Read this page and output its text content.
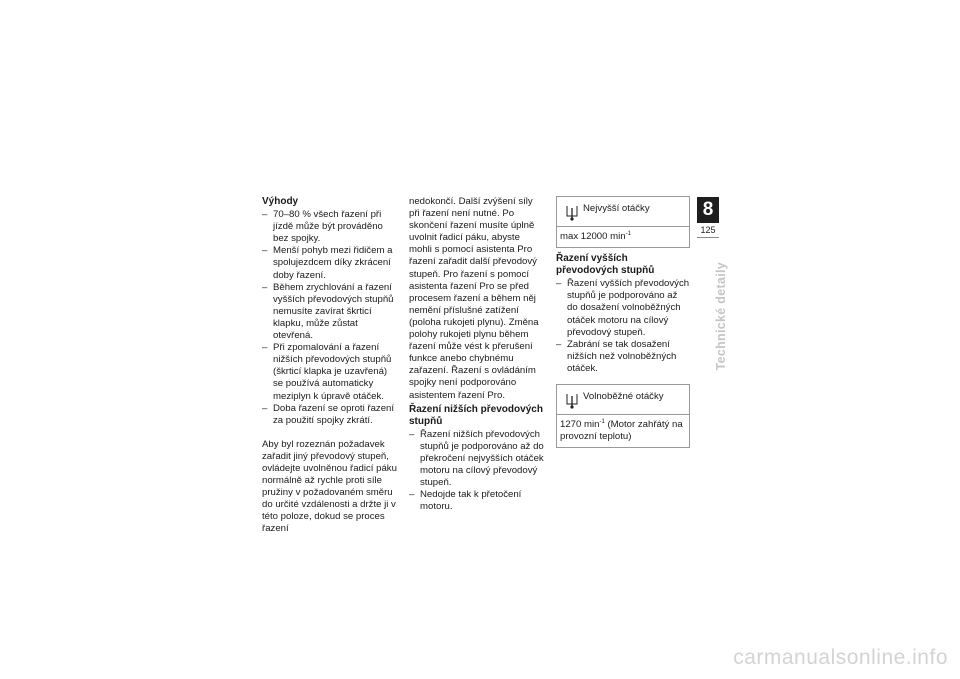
Výhody
– 70–80 % všech řazení při jízdě může být prováděno bez spojky.
– Menší pohyb mezi řidičem a spolujezdcem díky zkrácení doby řazení.
– Během zrychlování a řazení vyšších převodových stupňů nemusíte zavírat škrticí klapku, může zůstat otevřená.
– Při zpomalování a řazení nižších převodových stupňů (škrticí klapka je uzavřená) se používá automaticky meziplyn k úpravě otáček.
– Doba řazení se oproti řazení za použití spojky zkrátí.

Aby byl rozeznán požadavek zařadit jiný převodový stupeň, ovládejte uvolněnou řadicí páku normálně až rychle proti síle pružiny v požadovaném směru do určité vzdálenosti a držte ji v této poloze, dokud se proces řazení

nedokončí. Další zvýšení síly při řazení není nutné. Po skončení řazení musíte úplně uvolnit řadicí páku, abyste mohli s pomocí asistenta Pro řazení zařadit další převodový stupeň. Pro řazení s pomocí asistenta řazení Pro se před procesem řazení a během něj nemění příslušné zatížení (poloha rukojeti plynu). Změna polohy rukojeti plynu během řazení může vést k přerušení funkce anebo chybnému zařazení. Řazení s ovládáním spojky není podporováno asistentem řazení Pro.

Řazení nižších převodových stupňů
– Řazení nižších převodových stupňů je podporováno až do překročení nejvyšších otáček motoru na cílový převodový stupeň.
– Nedojde tak k přetočení motoru.
Nejvyšší otáčky
max 12000 $\min^{-1}$
Řazení vyšších převodových stupňů
– Řazení vyšších převodových stupňů je podporováno až do dosažení volnoběžných otáček motoru na cílový převodový stupeň.
– Zabrání se tak dosažení nižších než volnoběžných otáček.
Volnoběžné otáčky
1270 $\min^{-1}$ (Motor zahřátý na provozní teplotu)
8
125
Technické detaily
carmanualsonline.info
